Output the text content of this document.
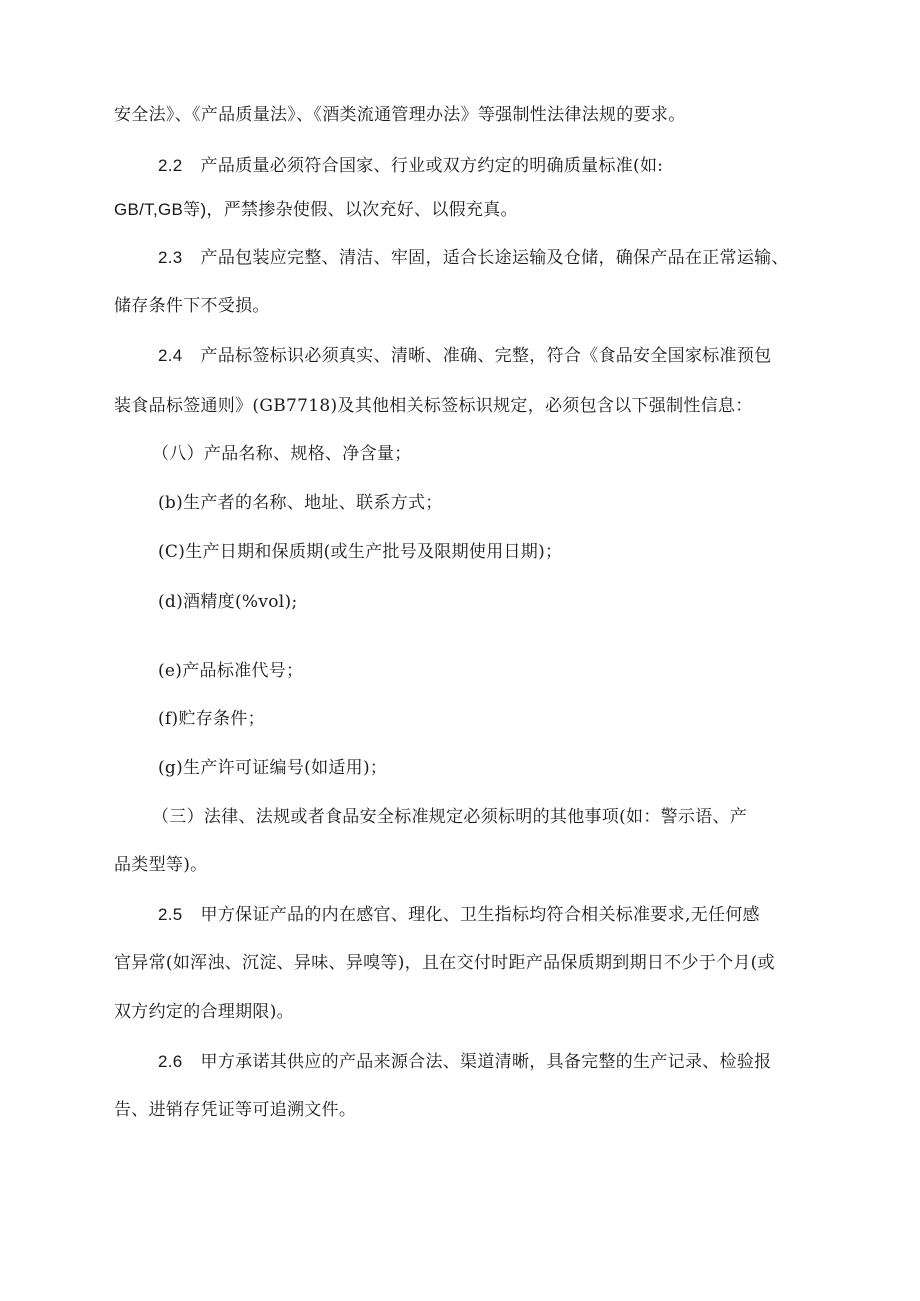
安全法》、《产品质量法》、《酒类流通管理办法》等强制性法律法规的要求。
2.2 产品质量必须符合国家、行业或双方约定的明确质量标准(如:
GB/T,GB等)，严禁掺杂使假、以次充好、以假充真。
2.3 产品包装应完整、清洁、牢固，适合长途运输及仓储，确保产品在正常运输、
储存条件下不受损。
2.4 产品标签标识必须真实、清晰、准确、完整，符合《食品安全国家标准预包
装食品标签通则》(GB7718)及其他相关标签标识规定，必须包含以下强制性信息：
（八）产品名称、规格、净含量；
(b)生产者的名称、地址、联系方式；
(C)生产日期和保质期(或生产批号及限期使用日期)；
(d)酒精度(%vol);
(e)产品标准代号；
(f)贮存条件；
(g)生产许可证编号(如适用)；
（三）法律、法规或者食品安全标准规定必须标明的其他事项(如：警示语、产
品类型等)。
2.5 甲方保证产品的内在感官、理化、卫生指标均符合相关标准要求,无任何感
官异常(如浑浊、沉淀、异味、异嗅等)，且在交付时距产品保质期到期日不少于个月(或
双方约定的合理期限)。
2.6 甲方承诺其供应的产品来源合法、渠道清晰，具备完整的生产记录、检验报
告、进销存凭证等可追溯文件。
